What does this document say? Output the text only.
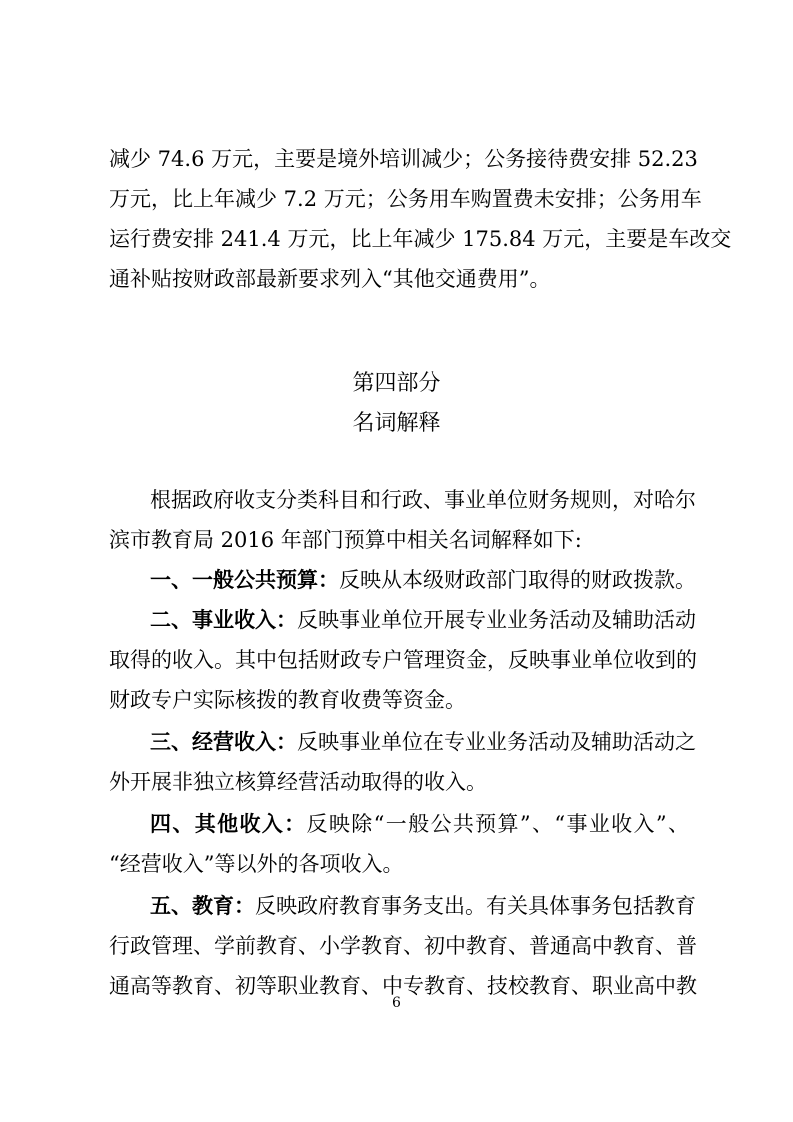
减少 74.6 万元，主要是境外培训减少；公务接待费安排 52.23
万元，比上年减少 7.2 万元；公务用车购置费未安排；公务用车
运行费安排 241.4 万元，比上年减少 175.84 万元，主要是车改交
通补贴按财政部最新要求列入“其他交通费用”。
第四部分
名词解释
根据政府收支分类科目和行政、事业单位财务规则，对哈尔
滨市教育局 2016 年部门预算中相关名词解释如下:
一、一般公共预算：反映从本级财政部门取得的财政拨款。
二、事业收入：反映事业单位开展专业业务活动及辅助活动
取得的收入。其中包括财政专户管理资金，反映事业单位收到的
财政专户实际核拨的教育收费等资金。
三、经营收入：反映事业单位在专业业务活动及辅助活动之
外开展非独立核算经营活动取得的收入。
四、其他收入：反映除“一般公共预算”、“事业收入”、
“经营收入”等以外的各项收入。
五、教育：反映政府教育事务支出。有关具体事务包括教育
行政管理、学前教育、小学教育、初中教育、普通高中教育、普
通高等教育、初等职业教育、中专教育、技校教育、职业高中教
6
